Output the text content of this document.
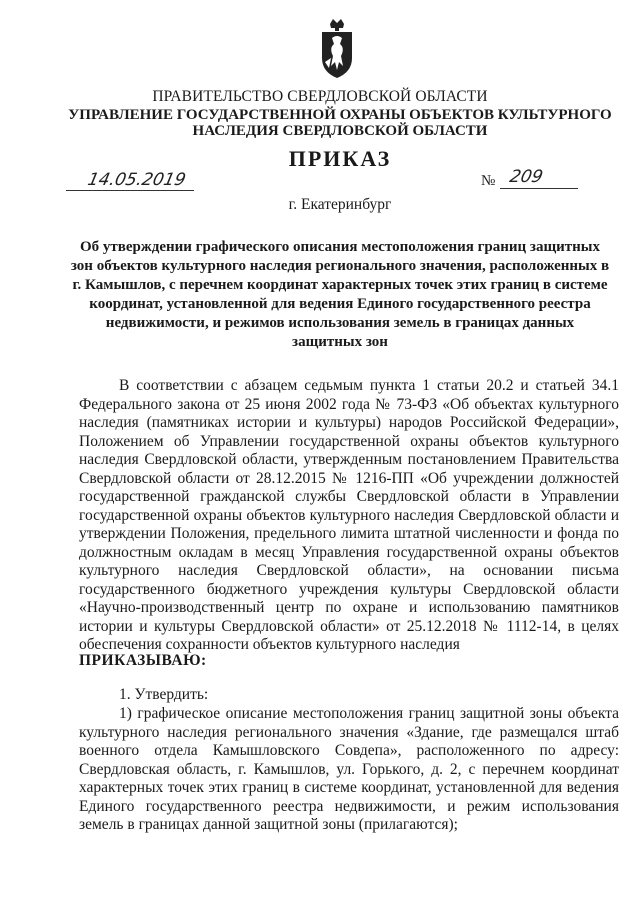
ПРАВИТЕЛЬСТВО СВЕРДЛОВСКОЙ ОБЛАСТИ
УПРАВЛЕНИЕ ГОСУДАРСТВЕННОЙ ОХРАНЫ ОБЪЕКТОВ КУЛЬТУРНОГО НАСЛЕДИЯ СВЕРДЛОВСКОЙ ОБЛАСТИ
ПРИКАЗ
14.05.2019	№ 209
г. Екатеринбург
Об утверждении графического описания местоположения границ защитных зон объектов культурного наследия регионального значения, расположенных в г. Камышлов, с перечнем координат характерных точек этих границ в системе координат, установленной для ведения Единого государственного реестра недвижимости, и режимов использования земель в границах данных защитных зон
В соответствии с абзацем седьмым пункта 1 статьи 20.2 и статьей 34.1 Федерального закона от 25 июня 2002 года № 73-ФЗ «Об объектах культурного наследия (памятниках истории и культуры) народов Российской Федерации», Положением об Управлении государственной охраны объектов культурного наследия Свердловской области, утвержденным постановлением Правительства Свердловской области от 28.12.2015 № 1216-ПП «Об учреждении должностей государственной гражданской службы Свердловской области в Управлении государственной охраны объектов культурного наследия Свердловской области и утверждении Положения, предельного лимита штатной численности и фонда по должностным окладам в месяц Управления государственной охраны объектов культурного наследия Свердловской области», на основании письма государственного бюджетного учреждения культуры Свердловской области «Научно-производственный центр по охране и использованию памятников истории и культуры Свердловской области» от 25.12.2018 № 1112-14, в целях обеспечения сохранности объектов культурного наследия
ПРИКАЗЫВАЮ:
1. Утвердить:
1) графическое описание местоположения границ защитной зоны объекта культурного наследия регионального значения «Здание, где размещался штаб военного отдела Камышловского Совдепа», расположенного по адресу: Свердловская область, г. Камышлов, ул. Горького, д. 2, с перечнем координат характерных точек этих границ в системе координат, установленной для ведения Единого государственного реестра недвижимости, и режим использования земель в границах данной защитной зоны (прилагаются);
